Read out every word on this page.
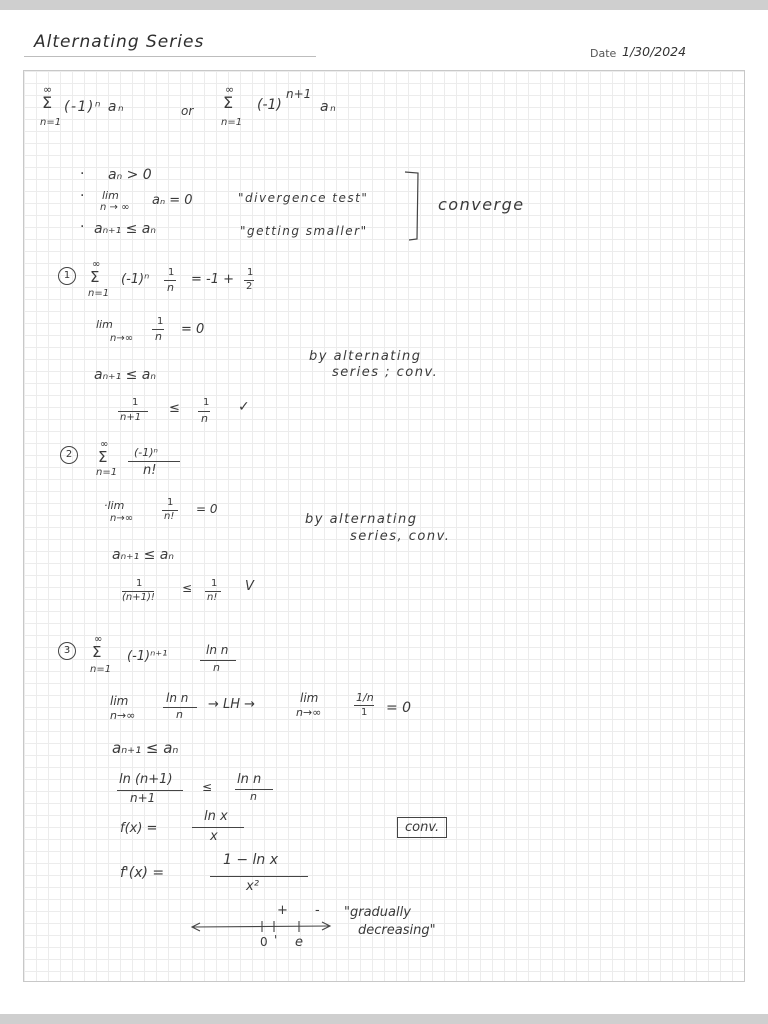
Alternating Series
Date 1/30/2024
∞
Σ
n=1
(-1)ⁿ aₙ	or
∞
Σ
n=1
(-1)
n+1
aₙ
· aₙ > 0
· lim
n → ∞ aₙ = 0	"divergence test"
· aₙ₊₁ ≤ aₙ	"getting smaller"
converge
1
∞
Σ
n=1
(-1)ⁿ 1
n
= -1 + 1
2
lim
n→∞
1
n = 0
aₙ₊₁ ≤ aₙ
1
n+1
≤ 1
n
✓
by alternating
series ; conv.
2
∞
Σ
n=1
(-1)ⁿ
n!
·lim
n→∞
1
n!
= 0
aₙ₊₁ ≤ aₙ
1
(n+1)!
≤ 1
n!
V
by alternating
series, conv.
3
∞
Σ
n=1
(-1)ⁿ⁺¹	ln n
n
lim
n→∞
ln n
n
→ LH →	lim
n→∞
1/n
1 = 0
aₙ₊₁ ≤ aₙ
ln (n+1)
n+1
≤ ln n
n
f(x) =
ln x
x
conv.
f'(x) =
1 − ln x
x²
+ -
0 ' e
"gradually
decreasing"
